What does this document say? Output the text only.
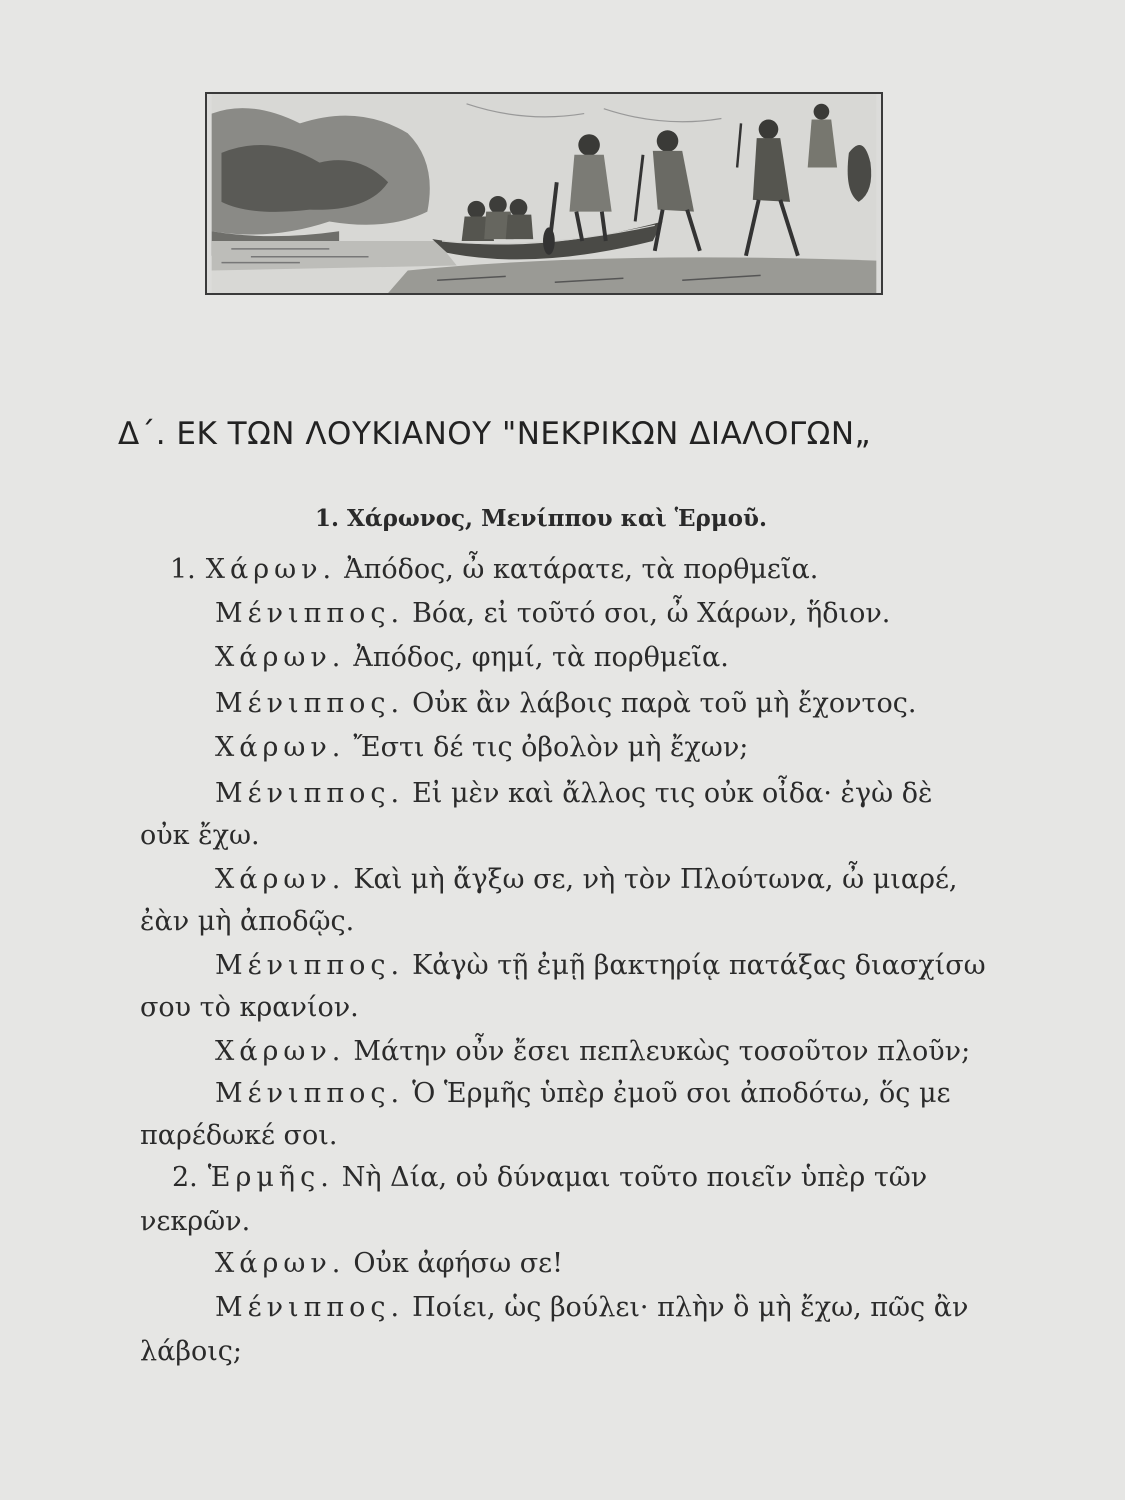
Δ΄. ΕΚ ΤΩΝ ΛΟΥΚΙΑΝΟΥ "ΝΕΚΡΙΚΩΝ ΔΙΑΛΟΓΩΝ„
1. Χάρωνος, Μενίππου καὶ Ἑρμοῦ.
1. Χάρων. Ἀπόδος, ὦ κατάρατε, τὰ πορθμεῖα.
Μένιππος. Βόα, εἰ τοῦτό σοι, ὦ Χάρων, ἥδιον.
Χάρων. Ἀπόδος, φημί, τὰ πορθμεῖα.
Μένιππος. Οὐκ ἂν λάβοις παρὰ τοῦ μὴ ἔχοντος.
Χάρων. Ἔστι δέ τις ὀβολὸν μὴ ἔχων;
Μένιππος. Εἰ μὲν καὶ ἄλλος τις οὐκ οἶδα· ἐγὼ δὲ
οὐκ ἔχω.
Χάρων. Καὶ μὴ ἄγξω σε, νὴ τὸν Πλούτωνα, ὦ μιαρέ,
ἐὰν μὴ ἀποδῷς.
Μένιππος. Κἀγὼ τῇ ἐμῇ βακτηρίᾳ πατάξας διασχίσω
σου τὸ κρανίον.
Χάρων. Μάτην οὖν ἔσει πεπλευκὼς τοσοῦτον πλοῦν;
Μένιππος. Ὁ Ἑρμῆς ὑπὲρ ἐμοῦ σοι ἀποδότω, ὅς με
παρέδωκέ σοι.
2. Ἑρμῆς. Νὴ Δία, οὐ δύναμαι τοῦτο ποιεῖν ὑπὲρ τῶν
νεκρῶν.
Χάρων. Οὐκ ἀφήσω σε!
Μένιππος. Ποίει, ὡς βούλει· πλὴν ὃ μὴ ἔχω, πῶς ἂν
λάβοις;
